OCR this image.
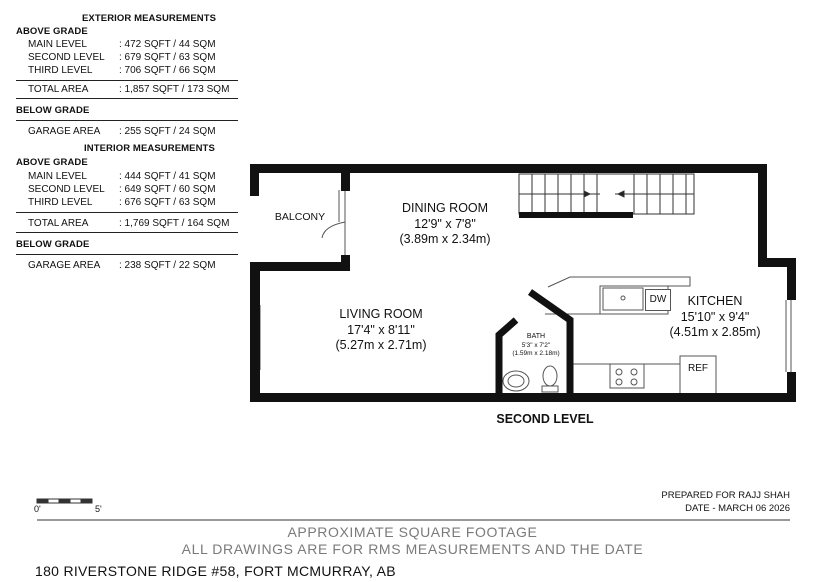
EXTERIOR MEASUREMENTS
ABOVE GRADE
MAIN LEVEL	: 472 SQFT / 44 SQM
SECOND LEVEL : 679 SQFT / 63 SQM
THIRD LEVEL	: 706 SQFT / 66 SQM
TOTAL AREA	: 1,857 SQFT / 173 SQM
BELOW GRADE
GARAGE AREA : 255 SQFT / 24 SQM
INTERIOR MEASUREMENTS
ABOVE GRADE
MAIN LEVEL	: 444 SQFT / 41 SQM
SECOND LEVEL : 649 SQFT / 60 SQM
THIRD LEVEL	: 676 SQFT / 63 SQM
TOTAL AREA	: 1,769 SQFT / 164 SQM
BELOW GRADE
GARAGE AREA : 238 SQFT / 22 SQM
BALCONY
DINING ROOM
12'9" x 7'8"
(3.89m x 2.34m)
LIVING ROOM
17'4" x 8'11"
(5.27m x 2.71m)
KITCHEN
15'10" x 9'4"
(4.51m x 2.85m)
BATH
5'3" x 7'2"
(1.59m x 2.18m)
DW
REF
SECOND LEVEL
0'	5'
PREPARED FOR RAJJ SHAH
DATE - MARCH 06 2026
APPROXIMATE SQUARE FOOTAGE
ALL DRAWINGS ARE FOR RMS MEASUREMENTS AND THE DATE
180 RIVERSTONE RIDGE #58, FORT MCMURRAY, AB
